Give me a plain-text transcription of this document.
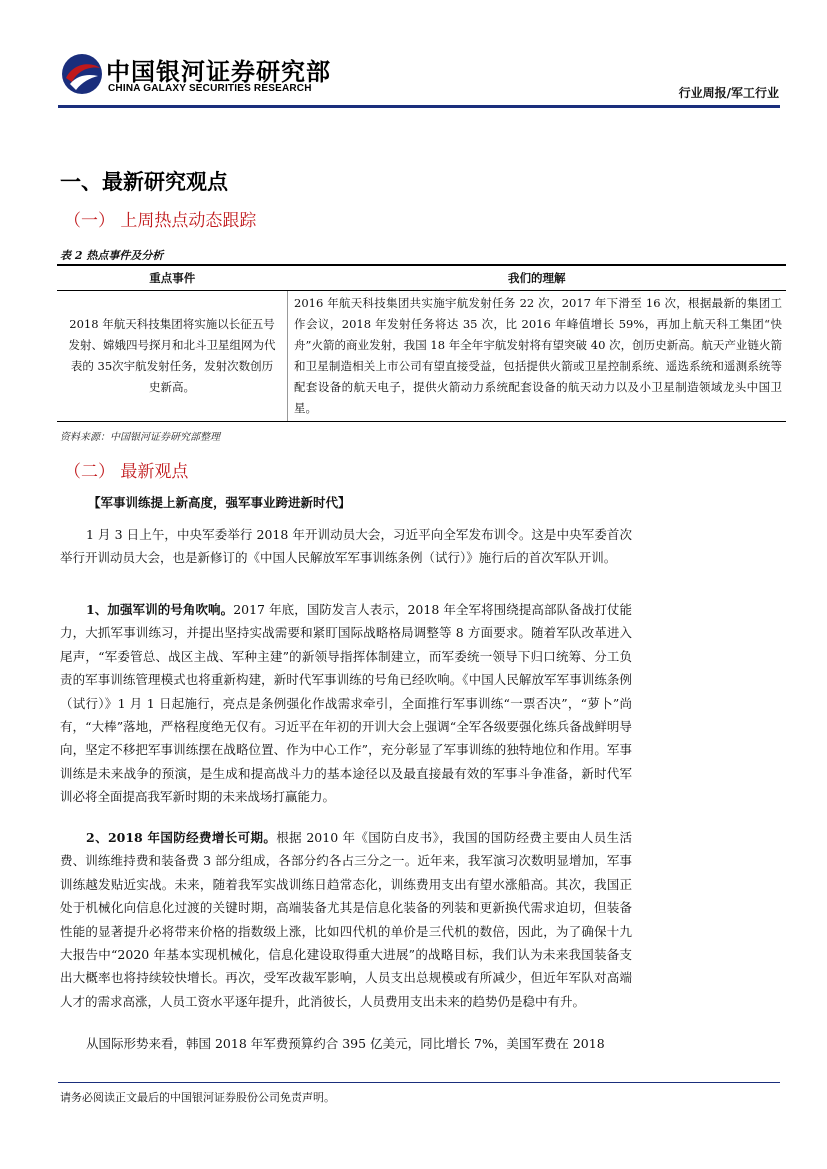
中国银河证券研究部
CHINA GALAXY SECURITIES RESEARCH	行业周报/军工行业
一、最新研究观点
（一） 上周热点动态跟踪
表 2 热点事件及分析
重点事件	我们的理解
2018 年航天科技集团将实施以长征五号发射、嫦娥四号探月和北斗卫星组网为代表的 35次宇航发射任务，发射次数创历史新高。	2016 年航天科技集团共实施宇航发射任务 22 次，2017 年下滑至 16 次，根据最新的集团工作会议，2018 年发射任务将达 35 次，比 2016 年峰值增长 59%，再加上航天科工集团“快舟”火箭的商业发射，我国 18 年全年宇航发射将有望突破 40 次，创历史新高。航天产业链火箭和卫星制造相关上市公司有望直接受益，包括提供火箭或卫星控制系统、遥选系统和遥测系统等配套设备的航天电子，提供火箭动力系统配套设备的航天动力以及小卫星制造领域龙头中国卫星。
资料来源：中国银河证券研究部整理
（二） 最新观点
【军事训练提上新高度，强军事业跨进新时代】
1 月 3 日上午，中央军委举行 2018 年开训动员大会，习近平向全军发布训令。这是中央军委首次举行开训动员大会，也是新修订的《中国人民解放军军事训练条例（试行）》施行后的首次军队开训。
1、加强军训的号角吹响。2017 年底，国防发言人表示，2018 年全军将围绕提高部队备战打仗能力，大抓军事训练习，并提出坚持实战需要和紧盯国际战略格局调整等 8 方面要求。随着军队改革进入尾声，“军委管总、战区主战、军种主建”的新领导指挥体制建立，而军委统一领导下归口统筹、分工负责的军事训练管理模式也将重新构建，新时代军事训练的号角已经吹响。《中国人民解放军军事训练条例（试行）》1 月 1 日起施行，亮点是条例强化作战需求牵引，全面推行军事训练“一票否决”，“萝卜”尚有，“大棒”落地，严格程度绝无仅有。习近平在年初的开训大会上强调“全军各级要强化练兵备战鲜明导向，坚定不移把军事训练摆在战略位置、作为中心工作”，充分彰显了军事训练的独特地位和作用。军事训练是未来战争的预演，是生成和提高战斗力的基本途径以及最直接最有效的军事斗争准备，新时代军训必将全面提高我军新时期的未来战场打赢能力。
2、2018 年国防经费增长可期。根据 2010 年《国防白皮书》，我国的国防经费主要由人员生活费、训练维持费和装备费 3 部分组成，各部分约各占三分之一。近年来，我军演习次数明显增加，军事训练越发贴近实战。未来，随着我军实战训练日趋常态化，训练费用支出有望水涨船高。其次，我国正处于机械化向信息化过渡的关键时期，高端装备尤其是信息化装备的列装和更新换代需求迫切，但装备性能的显著提升必将带来价格的指数级上涨，比如四代机的单价是三代机的数倍，因此，为了确保十九大报告中“2020 年基本实现机械化，信息化建设取得重大进展”的战略目标，我们认为未来我国装备支出大概率也将持续较快增长。再次，受军改裁军影响，人员支出总规模或有所减少，但近年军队对高端人才的需求高涨，人员工资水平逐年提升，此消彼长，人员费用支出未来的趋势仍是稳中有升。
从国际形势来看，韩国 2018 年军费预算约合 395 亿美元，同比增长 7%，美国军费在 2018
请务必阅读正文最后的中国银河证券股份公司免责声明。
